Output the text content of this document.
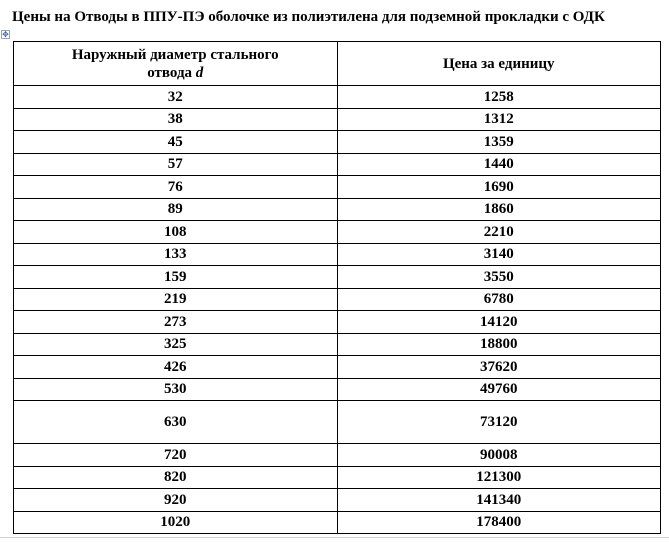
Цены на Отводы в ППУ-ПЭ оболочке из полиэтилена для подземной прокладки с ОДК
✥
Наружный диаметр стального
отвода d	Цена за единицу
32	1258
38	1312
45	1359
57	1440
76	1690
89	1860
108	2210
133	3140
159	3550
219	6780
273	14120
325	18800
426	37620
530	49760
630	73120
720	90008
820	121300
920	141340
1020	178400
